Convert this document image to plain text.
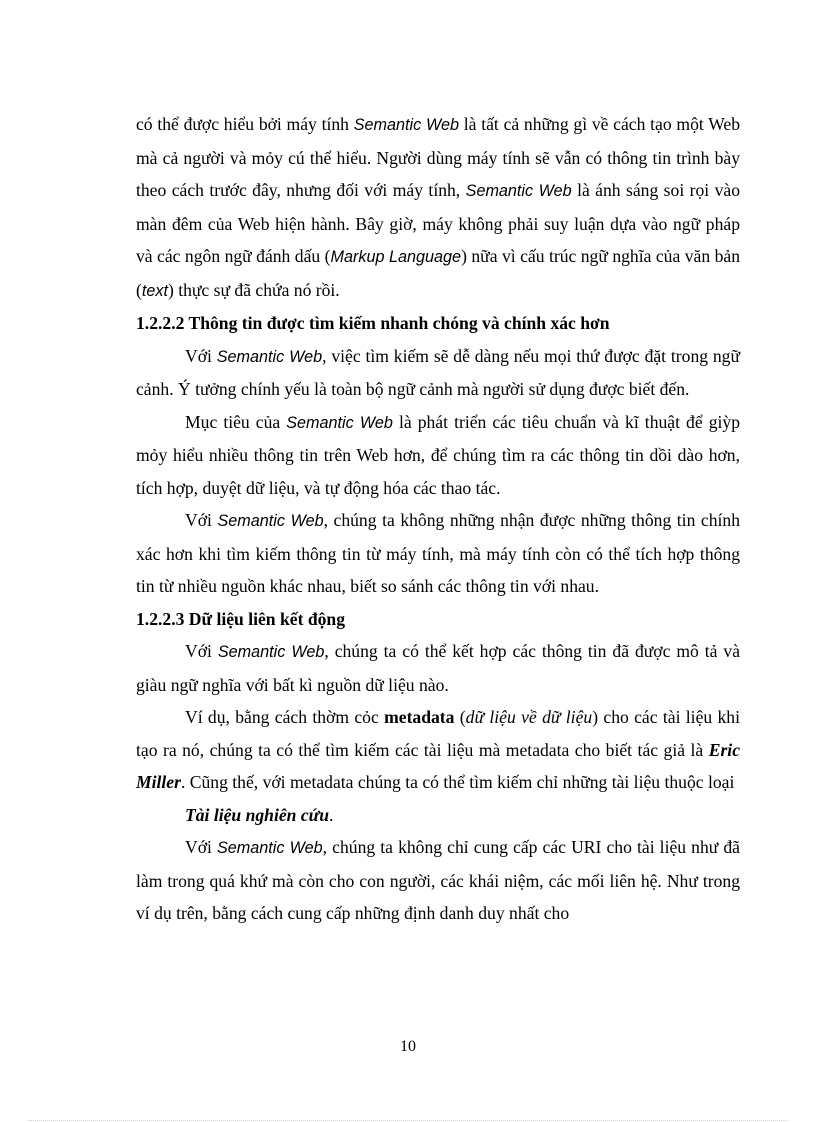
có thể được hiểu bởi máy tính Semantic Web là tất cả những gì về cách tạo một Web mà cả người và mỏy cú thể hiểu. Người dùng máy tính sẽ vẫn có thông tin trình bày theo cách trước đây, nhưng đối với máy tính, Semantic Web là ánh sáng soi rọi vào màn đêm của Web hiện hành. Bây giờ, máy không phải suy luận dựa vào ngữ pháp và các ngôn ngữ đánh dấu (Markup Language) nữa vì cấu trúc ngữ nghĩa của văn bản (text) thực sự đã chứa nó rồi.

1.2.2.2 Thông tin được tìm kiếm nhanh chóng và chính xác hơn

Với Semantic Web, việc tìm kiếm sẽ dễ dàng nếu mọi thứ được đặt trong ngữ cảnh. Ý tưởng chính yếu là toàn bộ ngữ cảnh mà người sử dụng được biết đến.

Mục tiêu của Semantic Web là phát triển các tiêu chuẩn và kĩ thuật để giỳp mỏy hiểu nhiều thông tin trên Web hơn, để chúng tìm ra các thông tin dồi dào hơn, tích hợp, duyệt dữ liệu, và tự động hóa các thao tác.

Với Semantic Web, chúng ta không những nhận được những thông tin chính xác hơn khi tìm kiếm thông tin từ máy tính, mà máy tính còn có thể tích hợp thông tin từ nhiều nguồn khác nhau, biết so sánh các thông tin với nhau.

1.2.2.3 Dữ liệu liên kết động

Với Semantic Web, chúng ta có thể kết hợp các thông tin đã được mô tả và giàu ngữ nghĩa với bất kì nguồn dữ liệu nào.

Ví dụ, bằng cách thờm cỏc metadata (dữ liệu về dữ liệu) cho các tài liệu khi tạo ra nó, chúng ta có thể tìm kiếm các tài liệu mà metadata cho biết tác giả là Eric Miller. Cũng thế, với metadata chúng ta có thể tìm kiếm chỉ những tài liệu thuộc loại

Tài liệu nghiên cứu.

Với Semantic Web, chúng ta không chỉ cung cấp các URI cho tài liệu như đã làm trong quá khứ mà còn cho con người, các khái niệm, các mối liên hệ. Như trong ví dụ trên, bằng cách cung cấp những định danh duy nhất cho

10
